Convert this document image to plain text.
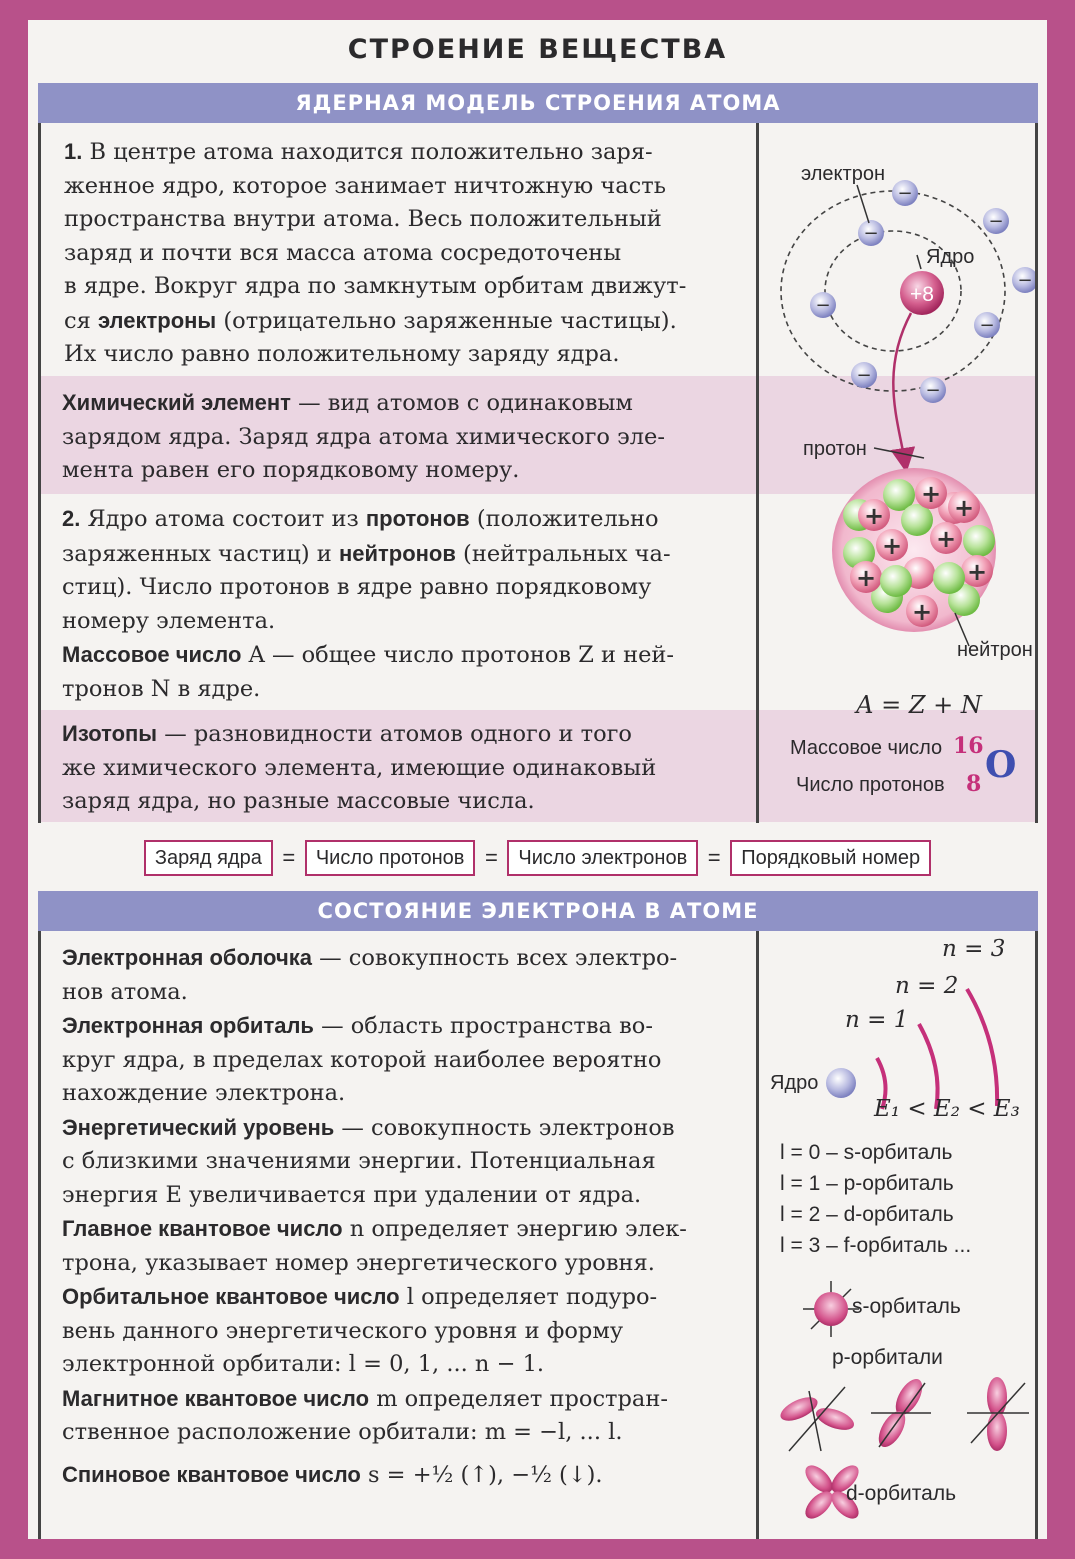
СТРОЕНИЕ ВЕЩЕСТВА
ЯДЕРНАЯ МОДЕЛЬ СТРОЕНИЯ АТОМА
1. В центре атома находится положительно заря-
женное ядро, которое занимает ничтожную часть
пространства внутри атома. Весь положительный
заряд и почти вся масса атома сосредоточены
в ядре. Вокруг ядра по замкнутым орбитам движут-
ся электроны (отрицательно заряженные частицы).
Их число равно положительному заряду ядра.
Химический элемент — вид атомов с одинаковым
зарядом ядра. Заряд ядра атома химического эле-
мента равен его порядковому номеру.
2. Ядро атома состоит из протонов (положительно
заряженных частиц) и нейтронов (нейтральных ча-
стиц). Число протонов в ядре равно порядковому
номеру элемента.
Массовое число A — общее число протонов Z и ней-
тронов N в ядре.
Изотопы — разновидности атомов одного и того
же химического элемента, имеющие одинаковый
заряд ядра, но разные массовые числа.
−
−
−
−
−
−
−
−
+8
электрон
Ядро
+ +
+
+
+
+
+
+
протон
нейтрон
A = Z + N
Массовое число 16
Число протонов 8 O
Заряд ядра =	Число протонов =	Число электронов =	Порядковый номер
СОСТОЯНИЕ ЭЛЕКТРОНА В АТОМЕ
Электронная оболочка — совокупность всех электро-
нов атома.
Электронная орбиталь — область пространства во-
круг ядра, в пределах которой наиболее вероятно
нахождение электрона.
Энергетический уровень — совокупность электронов
с близкими значениями энергии. Потенциальная
энергия E увеличивается при удалении от ядра.
Главное квантовое число n определяет энергию элек-
трона, указывает номер энергетического уровня.
Орбитальное квантовое число l определяет подуро-
вень данного энергетического уровня и форму
электронной орбитали: l = 0, 1, ... n − 1.
Магнитное квантовое число m определяет простран-
ственное расположение орбитали: m = −l, ... l.
Спиновое квантовое число s = +½ (↑), −½ (↓).
n = 3
n = 2
n = 1
Ядро
E₁ < E₂ < E₃
l = 0 – s-орбиталь
l = 1 – p-орбиталь
l = 2 – d-орбиталь
l = 3 – f-орбиталь ...
s-орбиталь
p-орбитали
d-орбиталь
